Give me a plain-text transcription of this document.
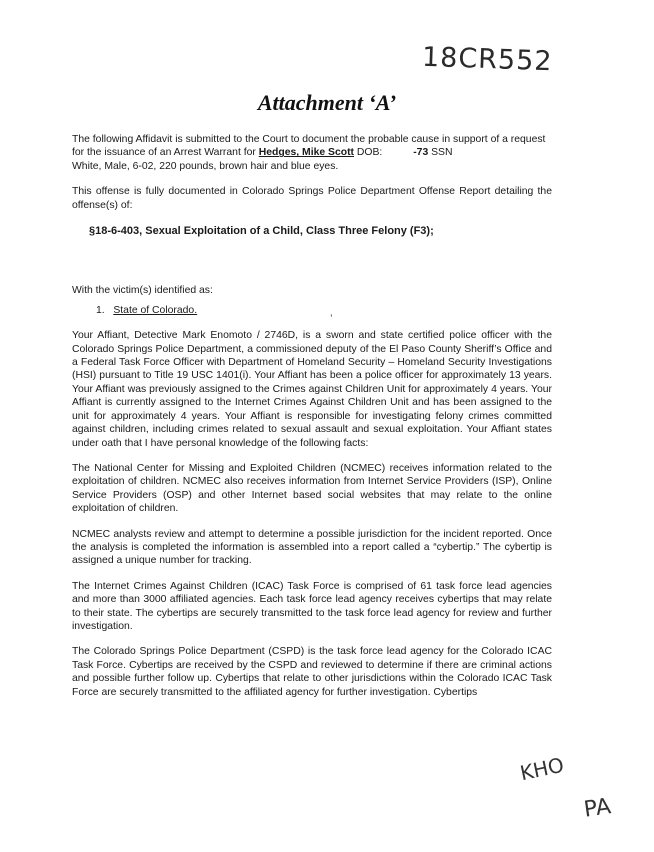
18CR552
Attachment ‘A’

The following Affidavit is submitted to the Court to document the probable cause in support of a request
for the issuance of an Arrest Warrant for Hedges, Mike Scott DOB:	-73 SSN
White, Male, 6-02, 220 pounds, brown hair and blue eyes.

This offense is fully documented in Colorado Springs Police Department Offense Report detailing the offense(s) of:

§18-6-403, Sexual Exploitation of a Child, Class Three Felony (F3);

With the victim(s) identified as:

1. State of Colorado.

Your Affiant, Detective Mark Enomoto / 2746D, is a sworn and state certified police officer with the Colorado Springs Police Department, a commissioned deputy of the El Paso County Sheriff’s Office and a Federal Task Force Officer with Department of Homeland Security – Homeland Security Investigations (HSI) pursuant to Title 19 USC 1401(i). Your Affiant has been a police officer for approximately 13 years. Your Affiant was previously assigned to the Crimes against Children Unit for approximately 4 years. Your Affiant is currently assigned to the Internet Crimes Against Children Unit and has been assigned to the unit for approximately 4 years. Your Affiant is responsible for investigating felony crimes committed against children, including crimes related to sexual assault and sexual exploitation. Your Affiant states under oath that I have personal knowledge of the following facts:

The National Center for Missing and Exploited Children (NCMEC) receives information related to the exploitation of children. NCMEC also receives information from Internet Service Providers (ISP), Online Service Providers (OSP) and other Internet based social websites that may relate to the online exploitation of children.

NCMEC analysts review and attempt to determine a possible jurisdiction for the incident reported. Once the analysis is completed the information is assembled into a report called a “cybertip.” The cybertip is assigned a unique number for tracking.

The Internet Crimes Against Children (ICAC) Task Force is comprised of 61 task force lead agencies and more than 3000 affiliated agencies. Each task force lead agency receives cybertips that may relate to their state. The cybertips are securely transmitted to the task force lead agency for review and further investigation.

The Colorado Springs Police Department (CSPD) is the task force lead agency for the Colorado ICAC Task Force. Cybertips are received by the CSPD and reviewed to determine if there are criminal actions and possible further follow up. Cybertips that relate to other jurisdictions within the Colorado ICAC Task Force are securely transmitted to the affiliated agency for further investigation. Cybertips

ʼ
KHO
PA
